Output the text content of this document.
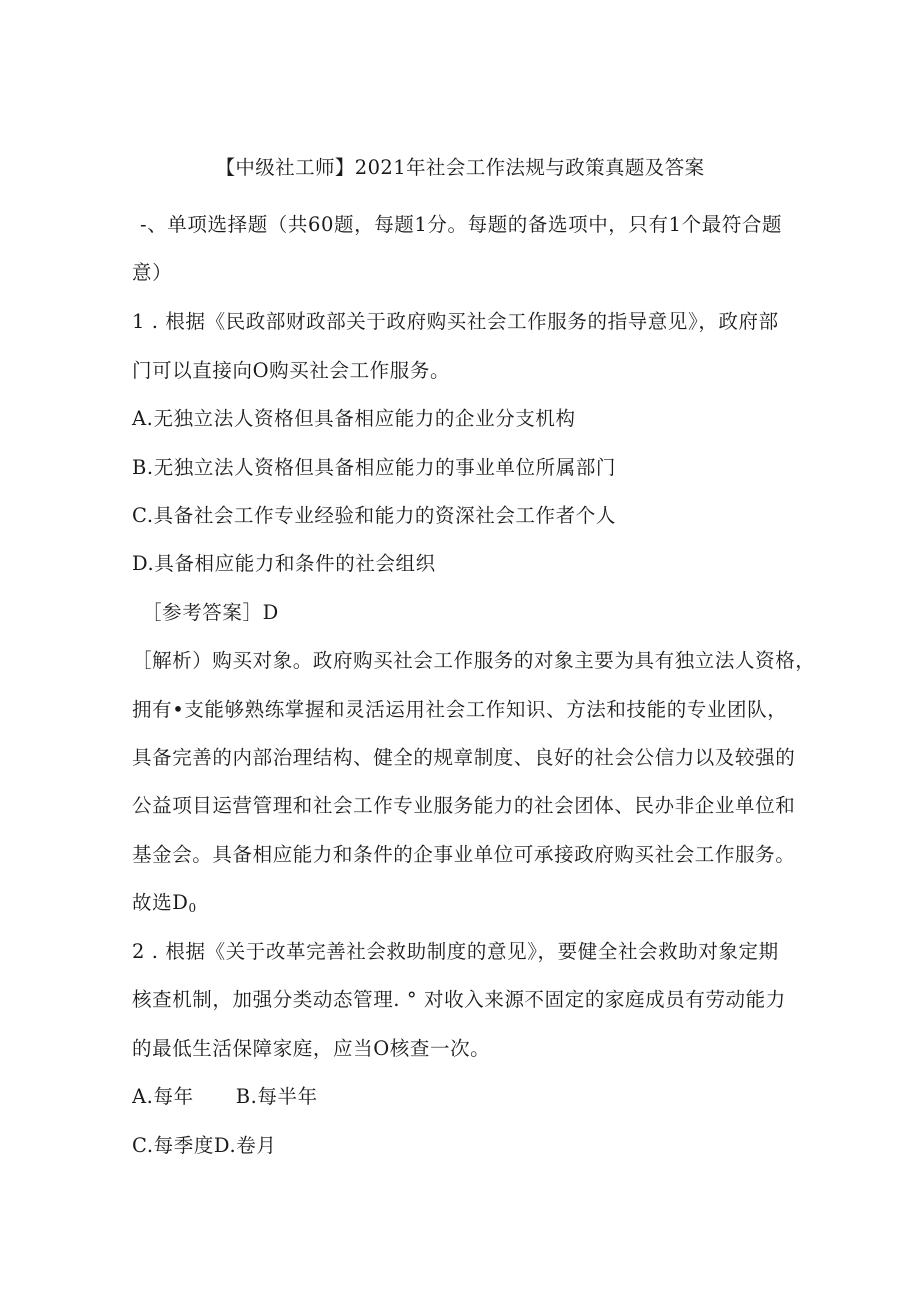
【中级社工师】2021年社会工作法规与政策真题及答案
-、单项选择题（共60题，每题1分。每题的备选项中，只有1个最符合题
意）
1 . 根据《民政部财政部关于政府购买社会工作服务的指导意见》，政府部
门可以直接向O购买社会工作服务。
A.无独立法人资格但具备相应能力的企业分支机构
B.无独立法人资格但具备相应能力的事业单位所属部门
C.具备社会工作专业经验和能力的资深社会工作者个人
D.具备相应能力和条件的社会组织
［参考答案］D
［解析）购买对象。政府购买社会工作服务的对象主要为具有独立法人资格，
拥有•支能够熟练掌握和灵活运用社会工作知识、方法和技能的专业团队，
具备完善的内部治理结构、健全的规章制度、良好的社会公信力以及较强的
公益项目运营管理和社会工作专业服务能力的社会团体、民办非企业单位和
基金会。具备相应能力和条件的企事业单位可承接政府购买社会工作服务。
故选$D_0$
2 . 根据《关于改革完善社会救助制度的意见》，要健全社会救助对象定期
核查机制，加强分类动态管理. ° 对收入来源不固定的家庭成员有劳动能力
的最低生活保障家庭，应当O核查一次。
A.每年 B.每半年
C.每季度D.卷月
